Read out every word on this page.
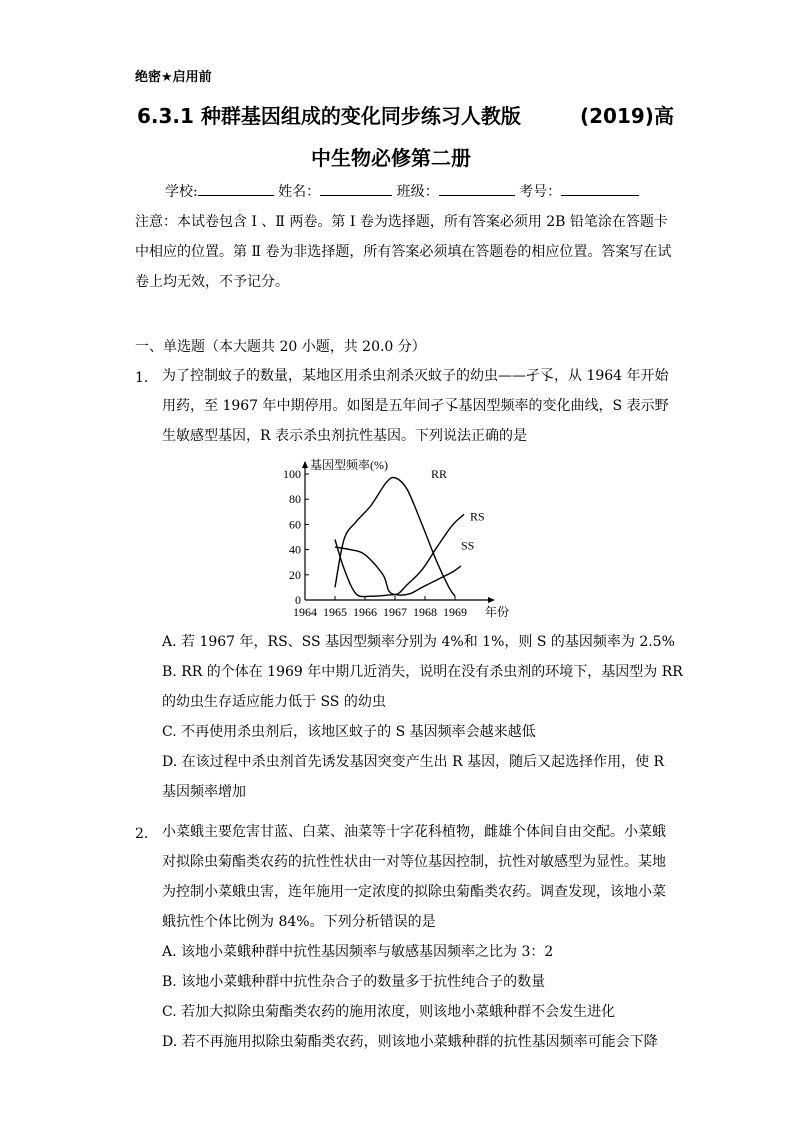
绝密★启用前
6.3.1 种群基因组成的变化同步练习人教版	(2019)高
中生物必修第二册
学校:	姓名：	班级：	考号：
注意：本试卷包含 Ⅰ 、Ⅱ 两卷。第 Ⅰ 卷为选择题，所有答案必须用 2B 铅笔涂在答题卡
中相应的位置。第 Ⅱ 卷为非选择题，所有答案必须填在答题卷的相应位置。答案写在试
卷上均无效，不予记分。
一、单选题（本大题共 20 小题，共 20.0 分）
1. 为了控制蚊子的数量，某地区用杀虫剂杀灭蚊子的幼虫——孑孓，从 1964 年开始
用药，至 1967 年中期停用。如图是五年间孑孓基因型频率的变化曲线，S 表示野
生敏感型基因，R 表示杀虫剂抗性基因。下列说法正确的是
0
20
40
60
80
100
1964 1965 1966 1967 1968 1969 年份
RR
RS
SS
基因型频率(%)
A. 若 1967 年，RS、SS 基因型频率分别为 4%和 1%，则 S 的基因频率为 2.5%
B. RR 的个体在 1969 年中期几近消失，说明在没有杀虫剂的环境下，基因型为 RR
的幼虫生存适应能力低于 SS 的幼虫
C. 不再使用杀虫剂后，该地区蚊子的 S 基因频率会越来越低
D. 在该过程中杀虫剂首先诱发基因突变产生出 R 基因，随后又起选择作用，使 R
基因频率增加
2. 小菜蛾主要危害甘蓝、白菜、油菜等十字花科植物，雌雄个体间自由交配。小菜蛾
对拟除虫菊酯类农药的抗性性状由一对等位基因控制，抗性对敏感型为显性。某地
为控制小菜蛾虫害，连年施用一定浓度的拟除虫菊酯类农药。调查发现，该地小菜
蛾抗性个体比例为 84%。下列分析错误的是
A. 该地小菜蛾种群中抗性基因频率与敏感基因频率之比为 3：2
B. 该地小菜蛾种群中抗性杂合子的数量多于抗性纯合子的数量
C. 若加大拟除虫菊酯类农药的施用浓度，则该地小菜蛾种群不会发生进化
D. 若不再施用拟除虫菊酯类农药，则该地小菜蛾种群的抗性基因频率可能会下降
